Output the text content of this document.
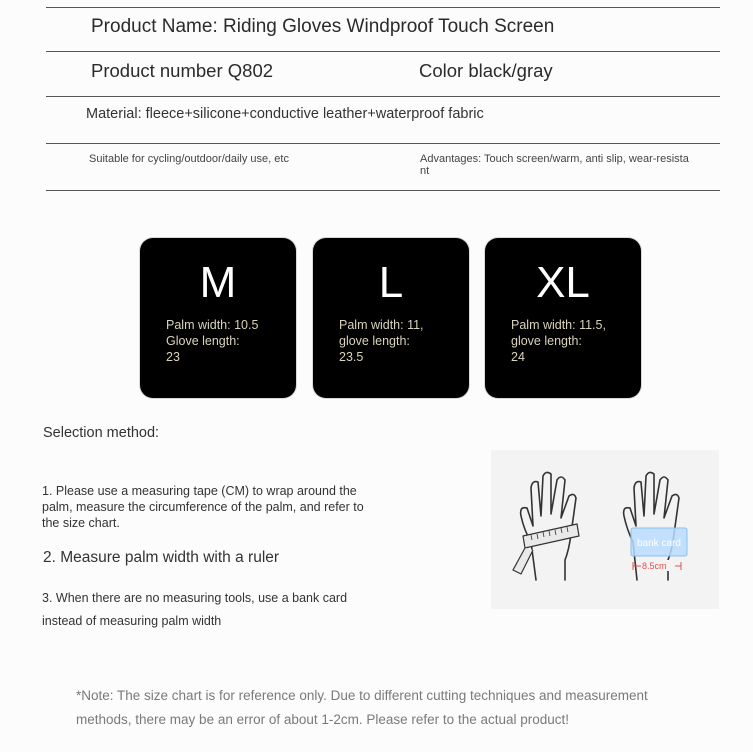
Product Name: Riding Gloves Windproof Touch Screen
Product number Q802	Color black/gray
Material: fleece+silicone+conductive leather+waterproof fabric
Suitable for cycling/outdoor/daily use, etc	Advantages: Touch screen/warm, anti slip, wear-resista
nt
M
Palm width: 10.5
Glove length:
23
L
Palm width: 11,
glove length:
23.5
XL
Palm width: 11.5,
glove length:
24
Selection method:
1. Please use a measuring tape (CM) to wrap around the
palm, measure the circumference of the palm, and refer to
the size chart.
2. Measure palm width with a ruler
3. When there are no measuring tools, use a bank card
instead of measuring palm width
bank card
8.5cm
*Note: The size chart is for reference only. Due to different cutting techniques and measurement
methods, there may be an error of about 1-2cm. Please refer to the actual product!
